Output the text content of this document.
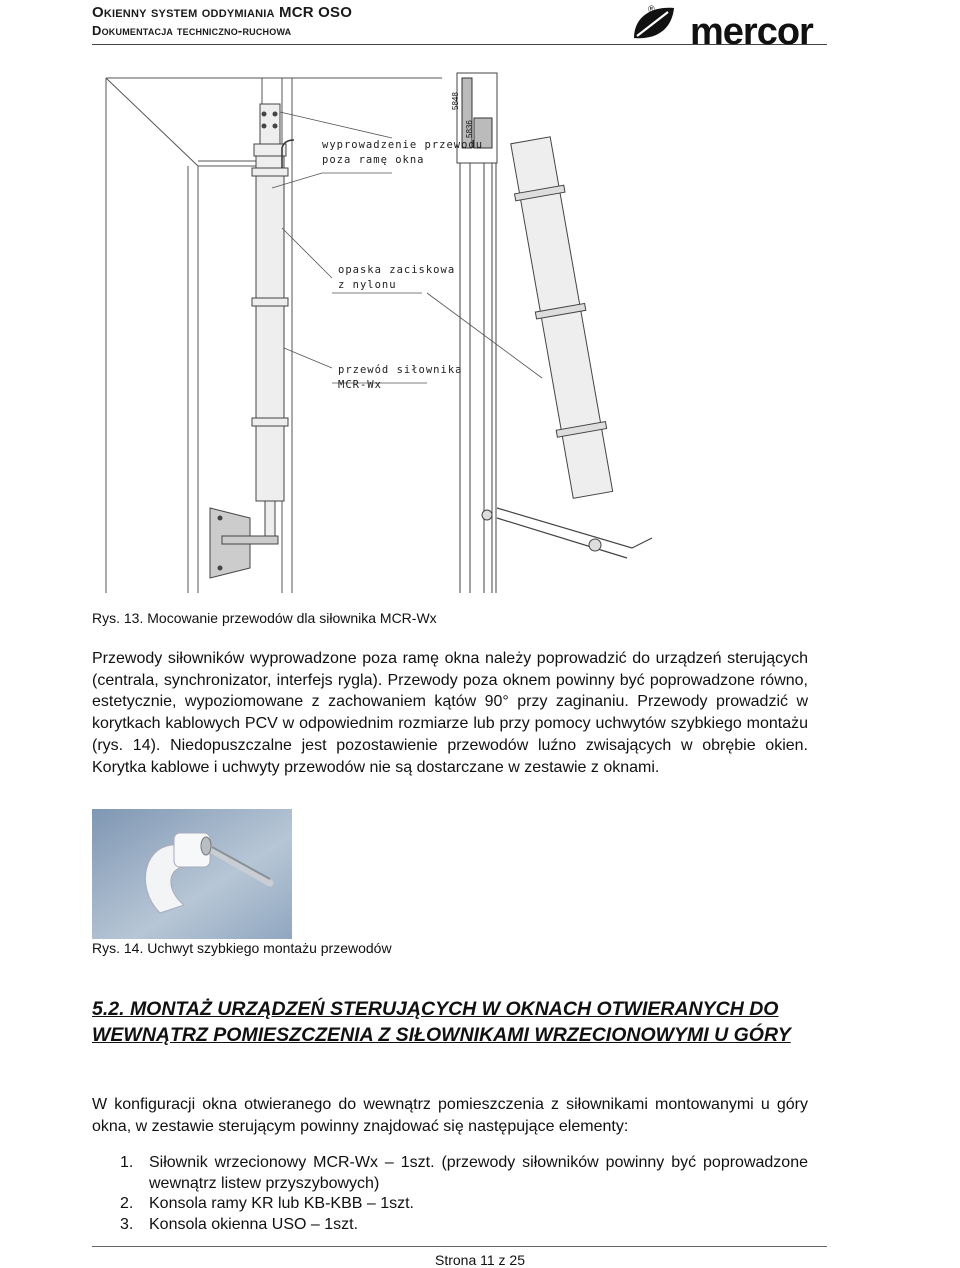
Okienny system oddymiania MCR OSO
Dokumentacja techniczno-ruchowa
®
mercor
5848
5836
wyprowadzenie przewodu
poza ramę okna
opaska zaciskowa
z nylonu
przewód siłownika
MCR-Wx
Rys. 13. Mocowanie przewodów dla siłownika MCR-Wx
Przewody siłowników wyprowadzone poza ramę okna należy poprowadzić do urządzeń sterujących (centrala, synchronizator, interfejs rygla). Przewody poza oknem powinny być poprowadzone równo, estetycznie, wypoziomowane z zachowaniem kątów 90° przy zaginaniu. Przewody prowadzić w korytkach kablowych PCV w odpowiednim rozmiarze lub przy pomocy uchwytów szybkiego montażu (rys. 14). Niedopuszczalne jest pozostawienie przewodów luźno zwisających w obrębie okien. Korytka kablowe i uchwyty przewodów nie są dostarczane w zestawie z oknami.
Rys. 14. Uchwyt szybkiego montażu przewodów
5.2. MONTAŻ URZĄDZEŃ STERUJĄCYCH W OKNACH OTWIERANYCH DO WEWNĄTRZ POMIESZCZENIA Z SIŁOWNIKAMI WRZECIONOWYMI U GÓRY
W konfiguracji okna otwieranego do wewnątrz pomieszczenia z siłownikami montowanymi u góry okna, w zestawie sterującym powinny znajdować się następujące elementy:
1. Siłownik wrzecionowy MCR-Wx – 1szt. (przewody siłowników powinny być poprowadzone wewnątrz listew przyszybowych)
2. Konsola ramy KR lub KB-KBB – 1szt.
3. Konsola okienna USO – 1szt.
Strona 11 z 25
